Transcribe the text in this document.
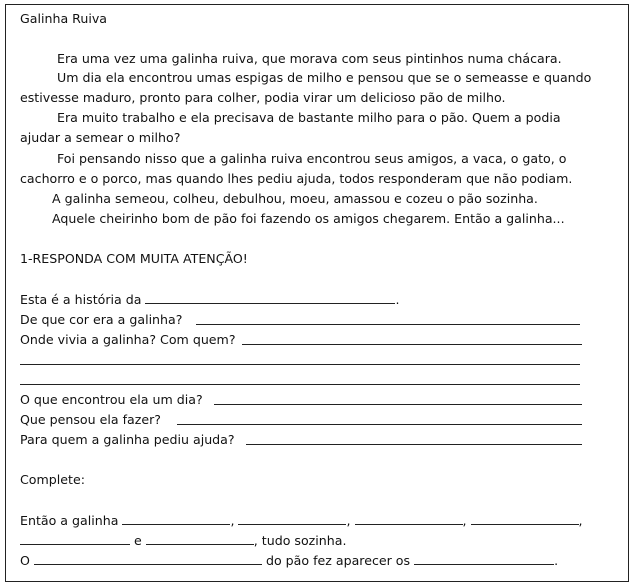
Galinha Ruiva
Era uma vez uma galinha ruiva, que morava com seus pintinhos numa chácara.
Um dia ela encontrou umas espigas de milho e pensou que se o semeasse e quando
estivesse maduro, pronto para colher, podia virar um delicioso pão de milho.
Era muito trabalho e ela precisava de bastante milho para o pão. Quem a podia
ajudar a semear o milho?
Foi pensando nisso que a galinha ruiva encontrou seus amigos, a vaca, o gato, o
cachorro e o porco, mas quando lhes pediu ajuda, todos responderam que não podiam.
A galinha semeou, colheu, debulhou, moeu, amassou e cozeu o pão sozinha.
Aquele cheirinho bom de pão foi fazendo os amigos chegarem. Então a galinha...
1-RESPONDA COM MUITA ATENÇÃO!
Esta é a história da	.
De que cor era a galinha?
Onde vivia a galinha? Com quem?
O que encontrou ela um dia?
Que pensou ela fazer?
Para quem a galinha pediu ajuda?
Complete:
Então a galinha	,	,	,	,
e	, tudo sozinha.
O	do pão fez aparecer os	.
